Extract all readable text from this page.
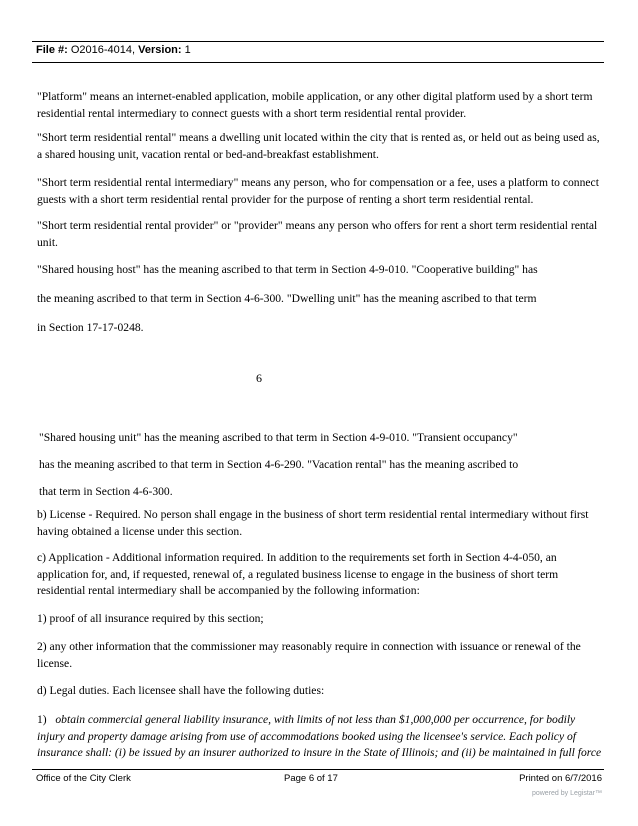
File #: O2016-4014, Version: 1

"Platform" means an internet-enabled application, mobile application, or any other digital platform used by a short term residential rental intermediary to connect guests with a short term residential rental provider.

"Short term residential rental" means a dwelling unit located within the city that is rented as, or held out as being used as, a shared housing unit, vacation rental or bed-and-breakfast establishment.

"Short term residential rental intermediary" means any person, who for compensation or a fee, uses a platform to connect guests with a short term residential rental provider for the purpose of renting a short term residential rental.

"Short term residential rental provider" or "provider" means any person who offers for rent a short term residential rental unit.

"Shared housing host" has the meaning ascribed to that term in Section 4-9-010. "Cooperative building" has

the meaning ascribed to that term in Section 4-6-300. "Dwelling unit" has the meaning ascribed to that term

in Section 17-17-0248.

6

"Shared housing unit" has the meaning ascribed to that term in Section 4-9-010. "Transient occupancy"

has the meaning ascribed to that term in Section 4-6-290. "Vacation rental" has the meaning ascribed to

that term in Section 4-6-300.

b) License - Required. No person shall engage in the business of short term residential rental intermediary without first having obtained a license under this section.

c) Application - Additional information required. In addition to the requirements set forth in Section 4-4-050, an application for, and, if requested, renewal of, a regulated business license to engage in the business of short term residential rental intermediary shall be accompanied by the following information:

1) proof of all insurance required by this section;

2) any other information that the commissioner may reasonably require in connection with issuance or renewal of the license.

d) Legal duties. Each licensee shall have the following duties:

1) obtain commercial general liability insurance, with limits of not less than $1,000,000 per occurrence, for bodily injury and property damage arising from use of accommodations booked using the licensee's service. Each policy of insurance shall: (i) be issued by an insurer authorized to insure in the State of Illinois; and (ii) be maintained in full force

Office of the City Clerk	Page 6 of 17	Printed on 6/7/2016
powered by Legistar™
